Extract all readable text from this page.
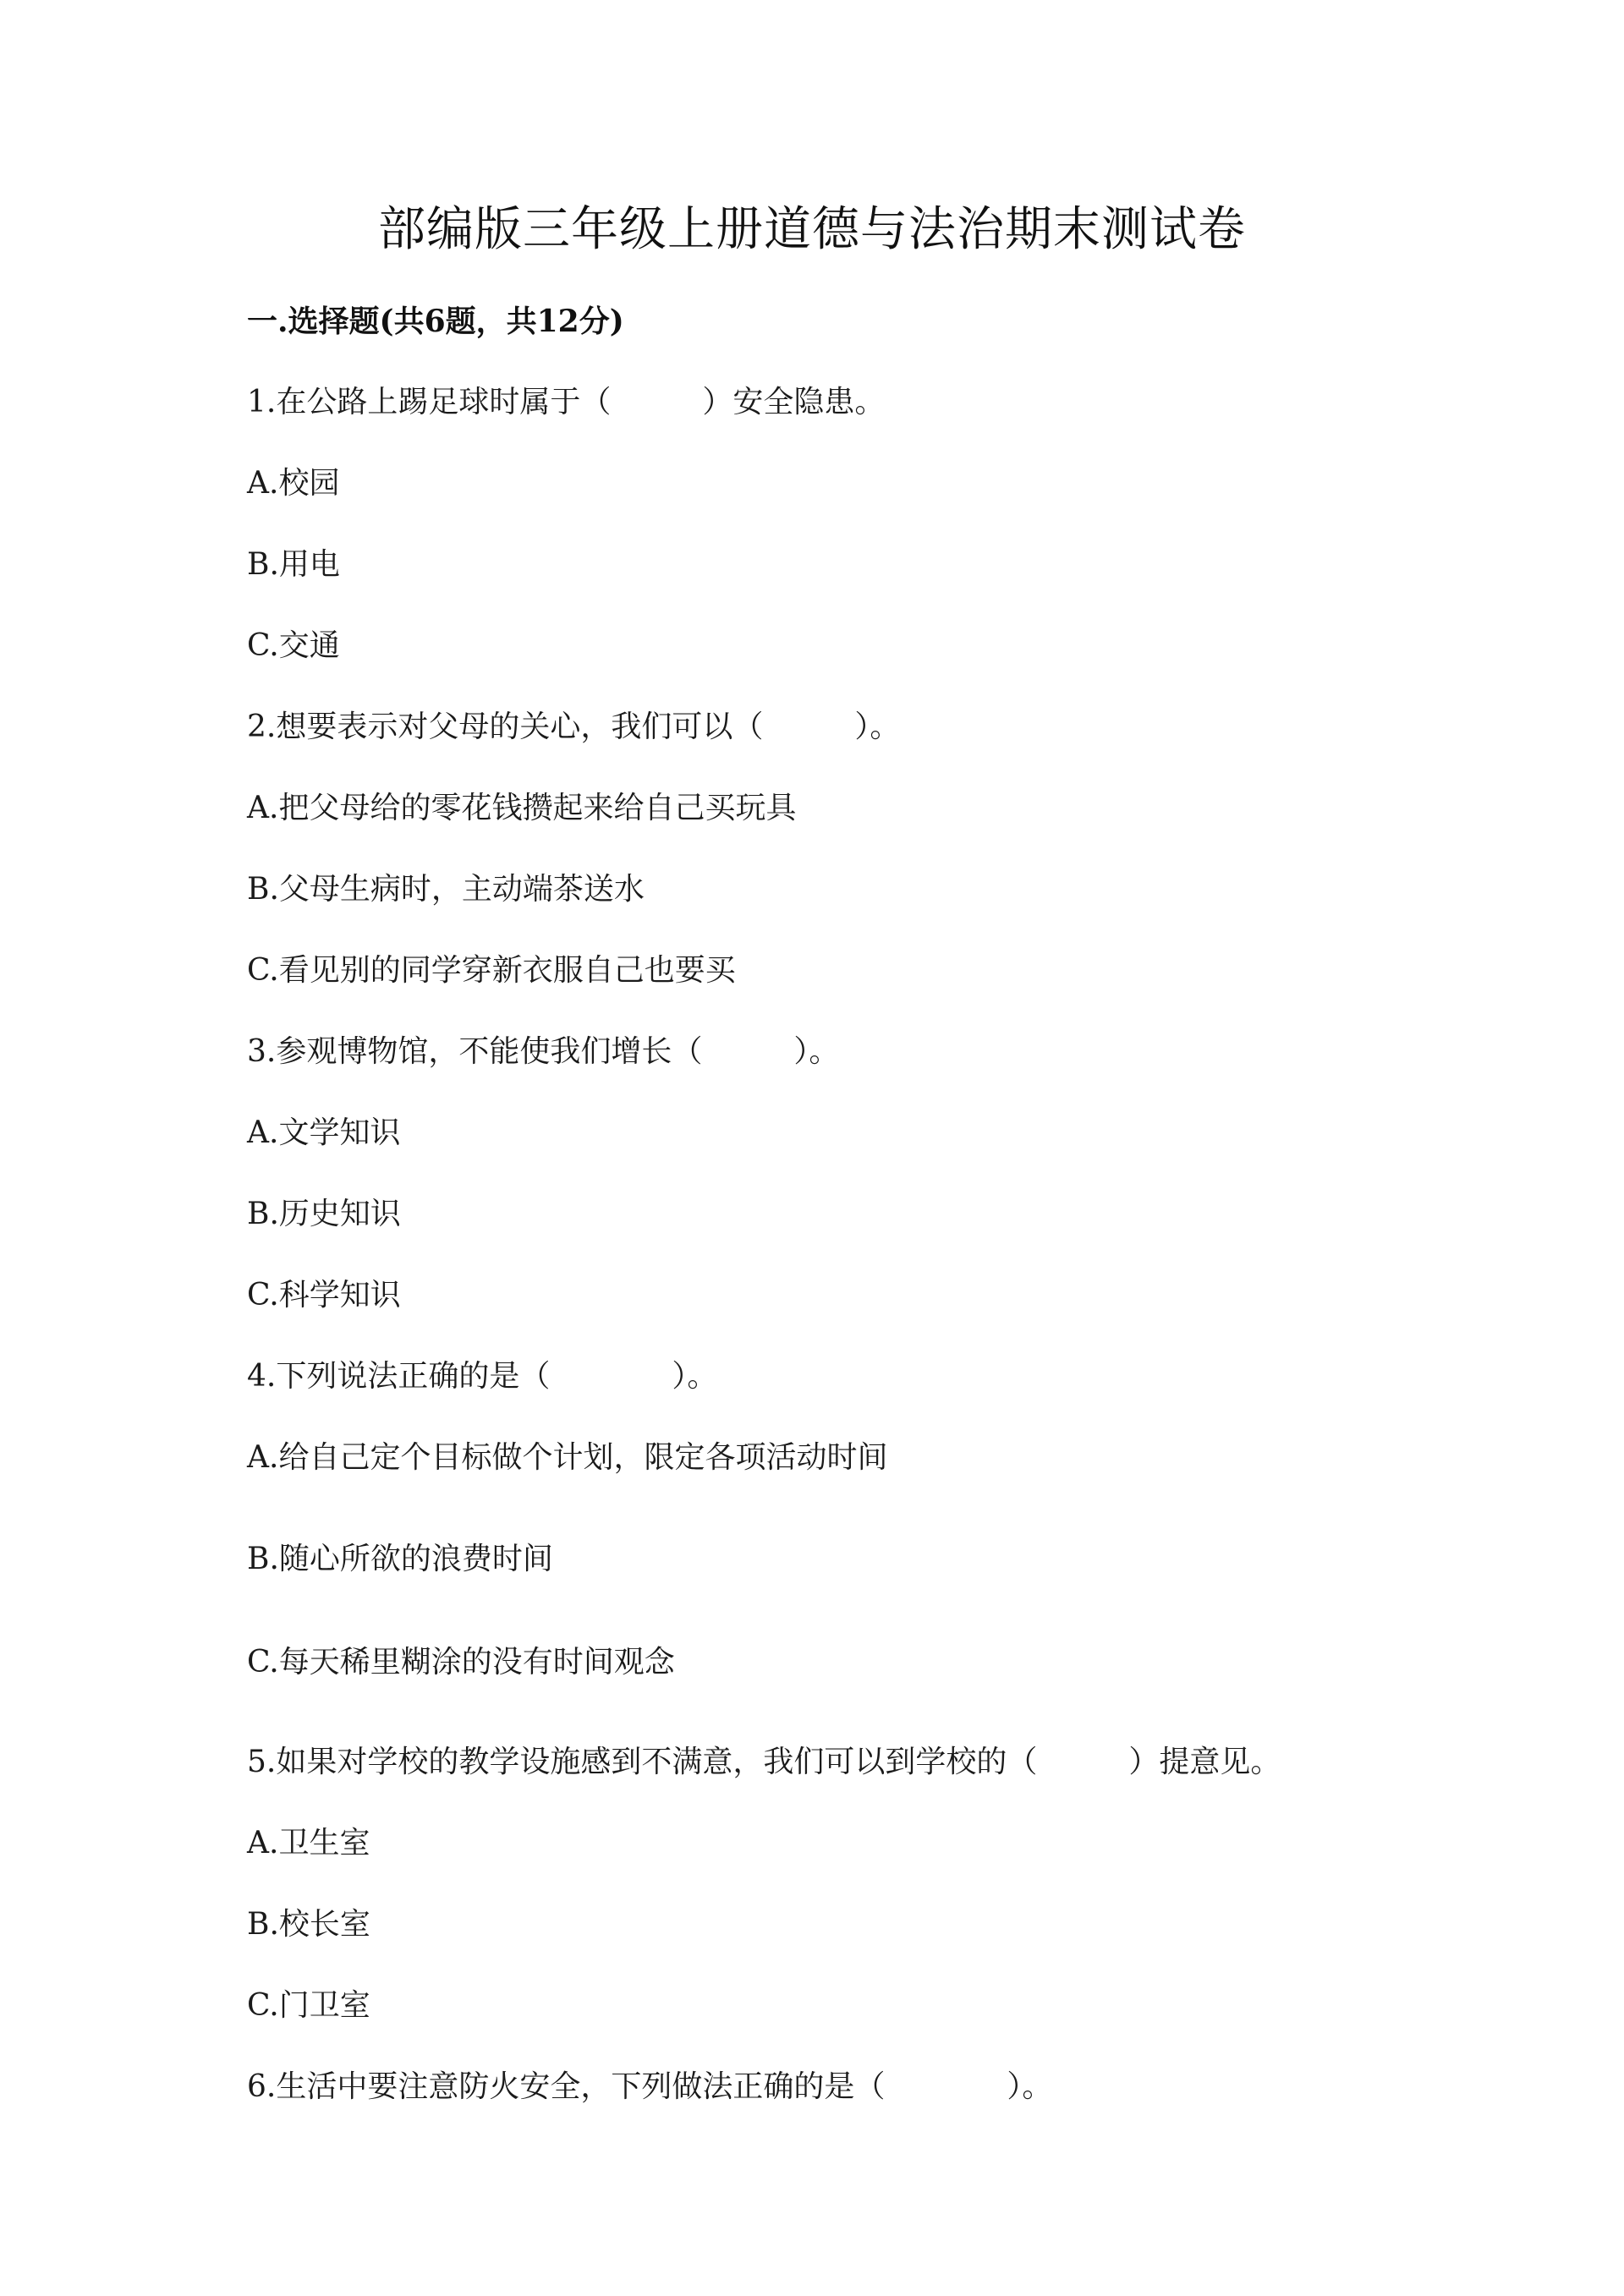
部编版三年级上册道德与法治期末测试卷
一.选择题(共6题，共12分)
1.在公路上踢足球时属于（　　　）安全隐患。
A.校园
B.用电
C.交通
2.想要表示对父母的关心，我们可以（　　　）。
A.把父母给的零花钱攒起来给自己买玩具
B.父母生病时，主动端茶送水
C.看见别的同学穿新衣服自己也要买
3.参观博物馆，不能使我们增长（　　　）。
A.文学知识
B.历史知识
C.科学知识
4.下列说法正确的是（　　　　）。
A.给自己定个目标做个计划，限定各项活动时间
B.随心所欲的浪费时间
C.每天稀里糊涂的没有时间观念
5.如果对学校的教学设施感到不满意，我们可以到学校的（　　　）提意见。
A.卫生室
B.校长室
C.门卫室
6.生活中要注意防火安全，下列做法正确的是（　　　　）。
